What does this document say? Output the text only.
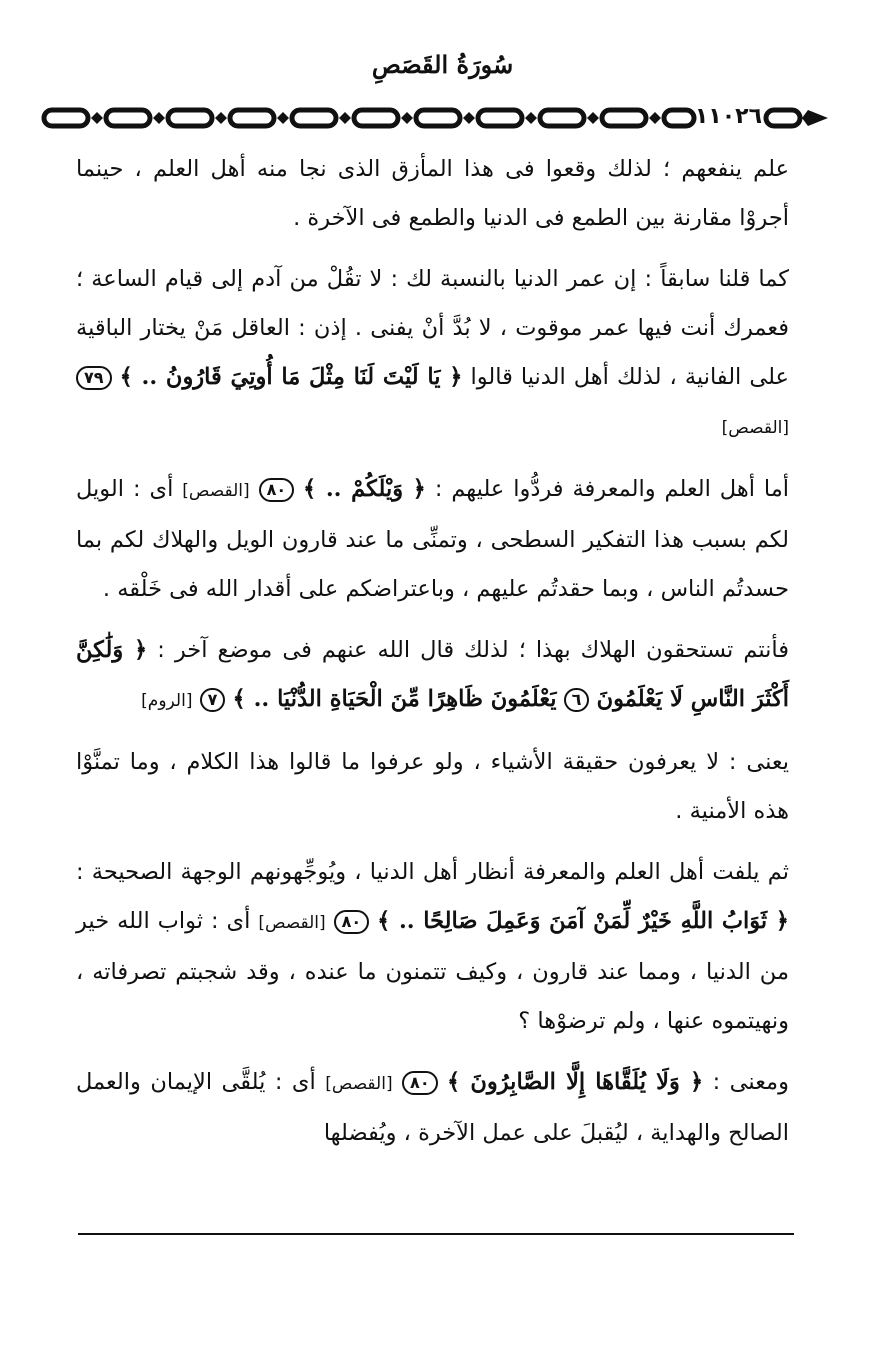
سُورَةُ القَصَصِ
١١٠٢٦

علم ينفعهم ؛ لذلك وقعوا فى هذا المأزق الذى نجا منه أهل العلم ، حينما أجروْا مقارنة بين الطمع فى الدنيا والطمع فى الآخرة .

كما قلنا سابقاً : إن عمر الدنيا بالنسبة لك : لا تقُلْ من آدم إلى قيام الساعة ؛ فعمرك أنت فيها عمر موقوت ، لا بُدَّ أنْ يفنى . إذن : العاقل مَنْ يختار الباقية على الفانية ، لذلك أهل الدنيا قالوا ﴿ يَا لَيْتَ لَنَا مِثْلَ مَا أُوتِيَ قَارُونُ .. ﴾ ٧٩ [القصص]

أما أهل العلم والمعرفة فردُّوا عليهم : ﴿ وَيْلَكُمْ .. ﴾ ٨٠ [القصص] أى : الويل لكم بسبب هذا التفكير السطحى ، وتمنِّى ما عند قارون الويل والهلاك لكم بما حسدتُم الناس ، وبما حقدتُم عليهم ، وباعتراضكم على أقدار الله فى خَلْقه .

فأنتم تستحقون الهلاك بهذا ؛ لذلك قال الله عنهم فى موضع آخر : ﴿ وَلَٰكِنَّ أَكْثَرَ النَّاسِ لَا يَعْلَمُونَ ٦ يَعْلَمُونَ ظَاهِرًا مِّنَ الْحَيَاةِ الدُّنْيَا .. ﴾ ٧ [الروم]

يعنى : لا يعرفون حقيقة الأشياء ، ولو عرفوا ما قالوا هذا الكلام ، وما تمنَّوْا هذه الأمنية .

ثم يلفت أهل العلم والمعرفة أنظار أهل الدنيا ، ويُوجِّهونهم الوجهة الصحيحة : ﴿ ثَوَابُ اللَّهِ خَيْرٌ لِّمَنْ آمَنَ وَعَمِلَ صَالِحًا .. ﴾ ٨٠ [القصص] أى : ثواب الله خير من الدنيا ، ومما عند قارون ، وكيف تتمنون ما عنده ، وقد شجبتم تصرفاته ، ونهيتموه عنها ، ولم ترضوْها ؟

ومعنى : ﴿ وَلَا يُلَقَّاهَا إِلَّا الصَّابِرُونَ ﴾ ٨٠ [القصص] أى : يُلقَّى الإيمان والعمل الصالح والهداية ، ليُقبلَ على عمل الآخرة ، ويُفضلها
